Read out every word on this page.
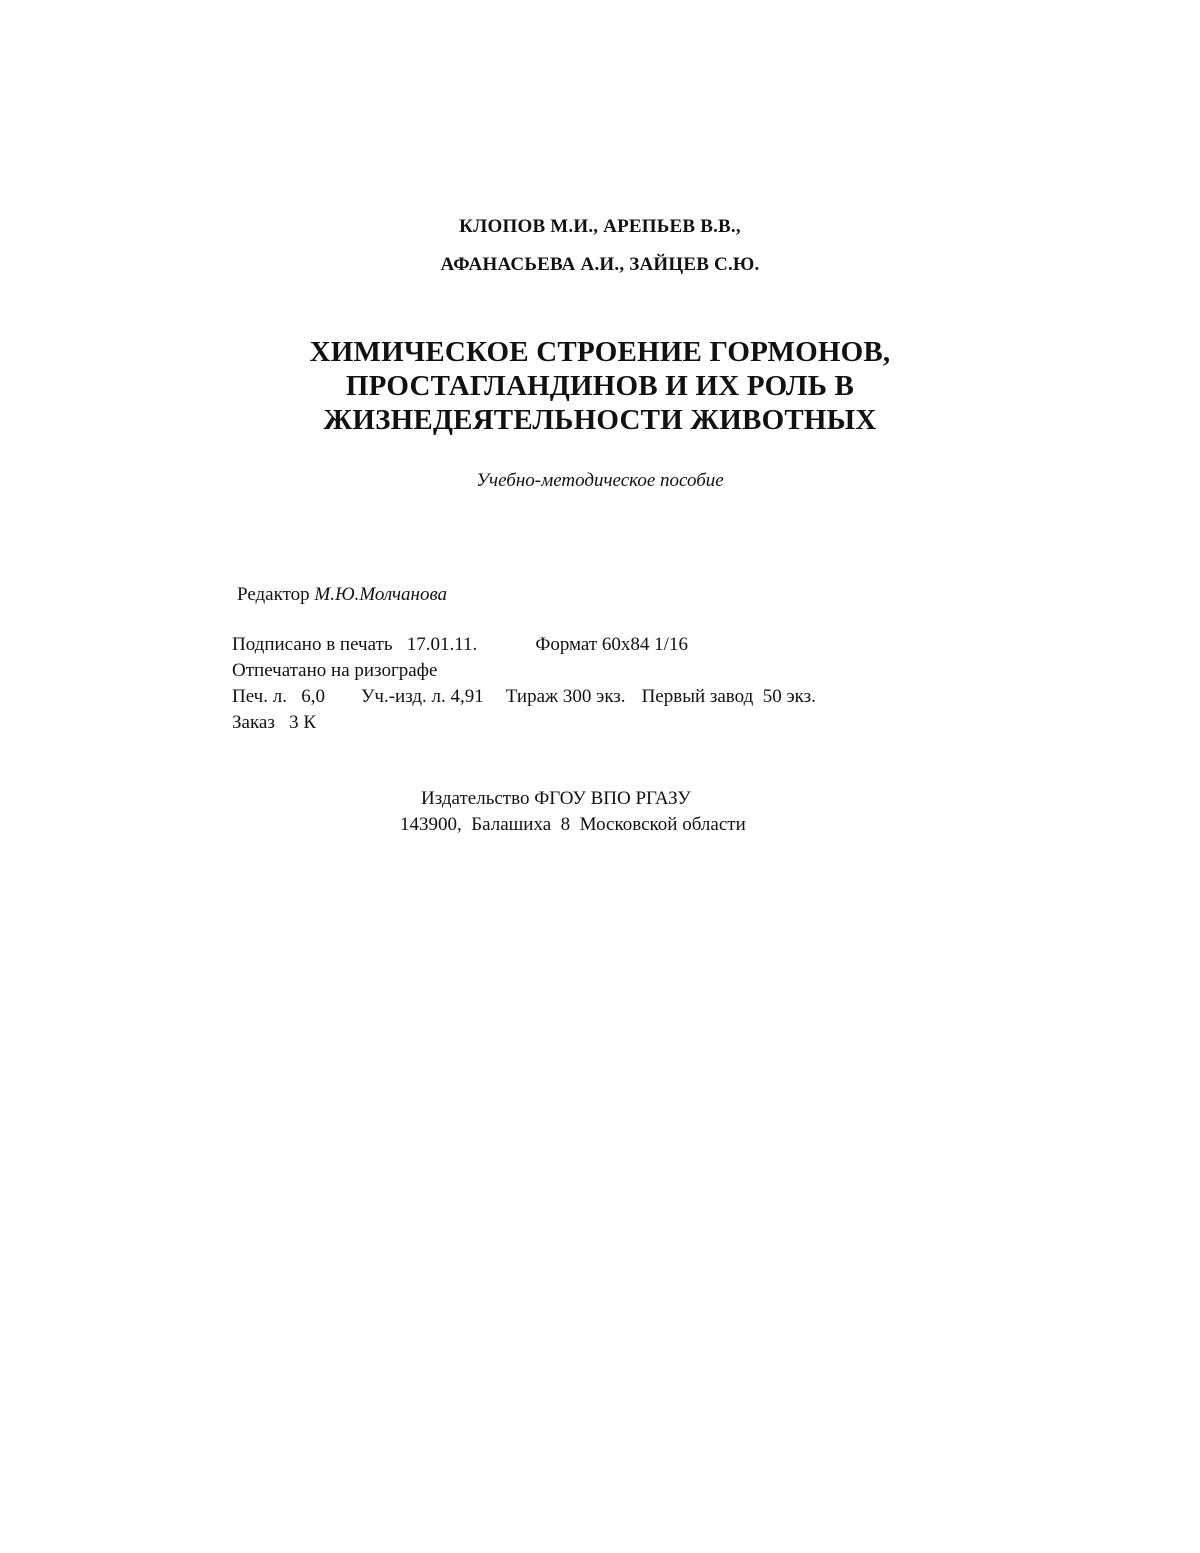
КЛОПОВ М.И., АРЕПЬЕВ В.В.,
АФАНАСЬЕВА А.И., ЗАЙЦЕВ С.Ю.
ХИМИЧЕСКОЕ СТРОЕНИЕ ГОРМОНОВ,
ПРОСТАГЛАНДИНОВ И ИХ РОЛЬ В
ЖИЗНЕДЕЯТЕЛЬНОСТИ ЖИВОТНЫХ
Учебно-методическое пособие
Редактор М.Ю.Молчанова
Подписано в печать   17.01.11.	Формат 60х84 1/16
Отпечатано на ризографе
Печ. л.   6,0 Уч.-изд. л. 4,91 Тираж 300 экз. Первый завод  50 экз.
Заказ   3 К
Издательство ФГОУ ВПО РГАЗУ
143900,  Балашиха  8  Московской области
